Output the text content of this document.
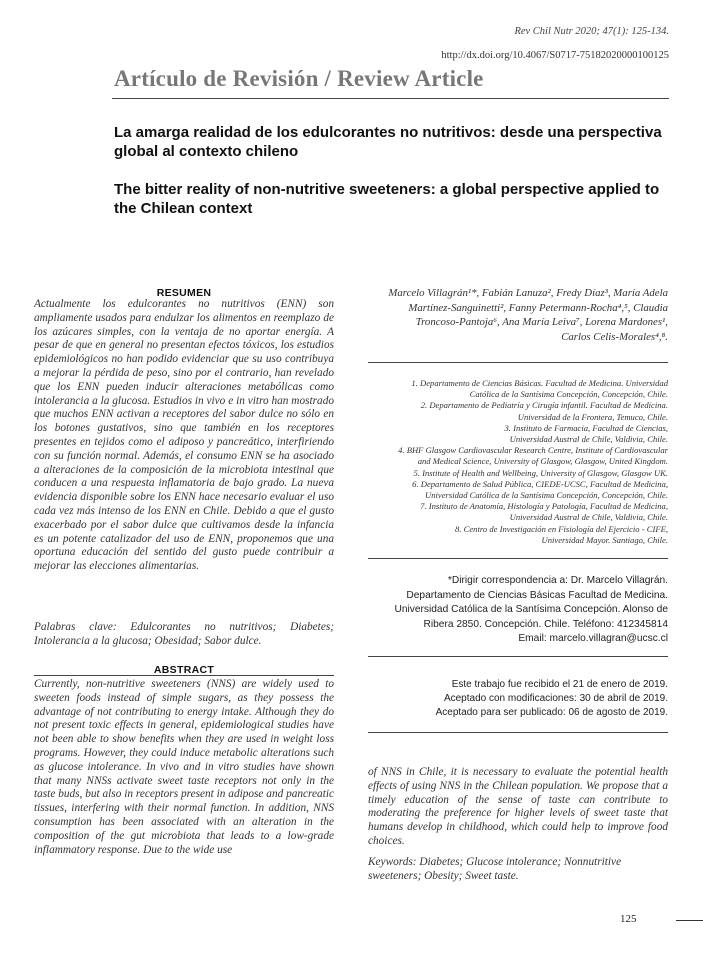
Rev Chil Nutr 2020; 47(1): 125-134.
http://dx.doi.org/10.4067/S0717-75182020000100125
Artículo de Revisión / Review Article
La amarga realidad de los edulcorantes no nutritivos: desde una perspectiva global al contexto chileno
The bitter reality of non-nutritive sweeteners: a global perspective applied to the Chilean context
RESUMEN

Actualmente los edulcorantes no nutritivos (ENN) son ampliamente usados para endulzar los alimentos en reemplazo de los azúcares simples, con la ventaja de no aportar energía. A pesar de que en general no presentan efectos tóxicos, los estudios epidemiológicos no han podido evidenciar que su uso contribuya a mejorar la pérdida de peso, sino por el contrario, han revelado que los ENN pueden inducir alteraciones metabólicas como intolerancia a la glucosa. Estudios in vivo e in vitro han mostrado que muchos ENN activan a receptores del sabor dulce no sólo en los botones gustativos, sino que también en los receptores presentes en tejidos como el adiposo y pancreático, interfiriendo con su función normal. Además, el consumo ENN se ha asociado a alteraciones de la composición de la microbiota intestinal que conducen a una respuesta inflamatoria de bajo grado. La nueva evidencia disponible sobre los ENN hace necesario evaluar el uso cada vez más intenso de los ENN en Chile. Debido a que el gusto exacerbado por el sabor dulce que cultivamos desde la infancia es un potente catalizador del uso de ENN, proponemos que una oportuna educación del sentido del gusto puede contribuir a mejorar las elecciones alimentarias.

Palabras clave: Edulcorantes no nutritivos; Diabetes; Intolerancia a la glucosa; Obesidad; Sabor dulce.

ABSTRACT

Currently, non-nutritive sweeteners (NNS) are widely used to sweeten foods instead of simple sugars, as they possess the advantage of not contributing to energy intake. Although they do not present toxic effects in general, epidemiological studies have not been able to show benefits when they are used in weight loss programs. However, they could induce metabolic alterations such as glucose intolerance. In vivo and in vitro studies have shown that many NNSs activate sweet taste receptors not only in the taste buds, but also in receptors present in adipose and pancreatic tissues, interfering with their normal function. In addition, NNS consumption has been associated with an alteration in the composition of the gut microbiota that leads to a low-grade inflammatory response. Due to the wide use

Marcelo Villagrán¹*, Fabián Lanuza², Fredy Díaz³, María Adela
Martínez-Sanguinetti², Fanny Petermann-Rocha⁴,⁵, Claudia
Troncoso-Pantoja⁶, Ana María Leiva⁷, Lorena Mardones¹,
Carlos Celis-Morales⁴,⁸.
1. Departamento de Ciencias Básicas. Facultad de Medicina. Universidad
Católica de la Santísima Concepción, Concepción, Chile.
2. Departamento de Pediatría y Cirugía infantil. Facultad de Medicina.
Universidad de la Frontera, Temuco, Chile.
3. Instituto de Farmacia, Facultad de Ciencias,
Universidad Austral de Chile, Valdivia, Chile.
4. BHF Glasgow Cardiovascular Research Centre, Institute of Cardiovascular
and Medical Science, University of Glasgow, Glasgow, United Kingdom.
5. Institute of Health and Wellbeing, University of Glasgow, Glasgow UK.
6. Departamento de Salud Pública, CIEDE-UCSC, Facultad de Medicina,
Universidad Católica de la Santísima Concepción, Concepción, Chile.
7. Instituto de Anatomía, Histología y Patología, Facultad de Medicina,
Universidad Austral de Chile, Valdivia, Chile.
8. Centro de Investigación en Fisiología del Ejercicio - CIFE,
Universidad Mayor. Santiago, Chile.
*Dirigir correspondencia a: Dr. Marcelo Villagrán.
Departamento de Ciencias Básicas Facultad de Medicina.
Universidad Católica de la Santísima Concepción. Alonso de
Ribera 2850. Concepción. Chile. Teléfono: 412345814
Email: marcelo.villagran@ucsc.cl
Este trabajo fue recibido el 21 de enero de 2019.
Aceptado con modificaciones: 30 de abril de 2019.
Aceptado para ser publicado: 06 de agosto de 2019.

of NNS in Chile, it is necessary to evaluate the potential health effects of using NNS in the Chilean population. We propose that a timely education of the sense of taste can contribute to moderating the preference for higher levels of sweet taste that humans develop in childhood, which could help to improve food choices.

Keywords: Diabetes; Glucose intolerance; Nonnutritive sweeteners; Obesity; Sweet taste.

125
